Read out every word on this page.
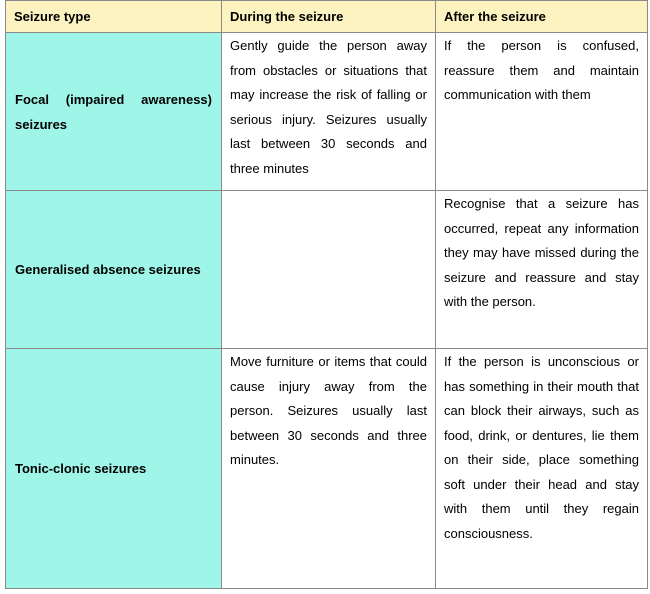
Seizure type	During the seizure	After the seizure
Focal (impaired awareness) seizures	Gently guide the person away from obstacles or situations that may increase the risk of falling or serious injury. Seizures usually last between 30 seconds and three minutes	If the person is confused, reassure them and maintain communication with them
Generalised absence seizures		Recognise that a seizure has occurred, repeat any information they may have missed during the seizure and reassure and stay with the person.
Tonic-clonic seizures	Move furniture or items that could cause injury away from the person. Seizures usually last between 30 seconds and three minutes.	If the person is unconscious or has something in their mouth that can block their airways, such as food, drink, or dentures, lie them on their side, place something soft under their head and stay with them until they regain consciousness.
